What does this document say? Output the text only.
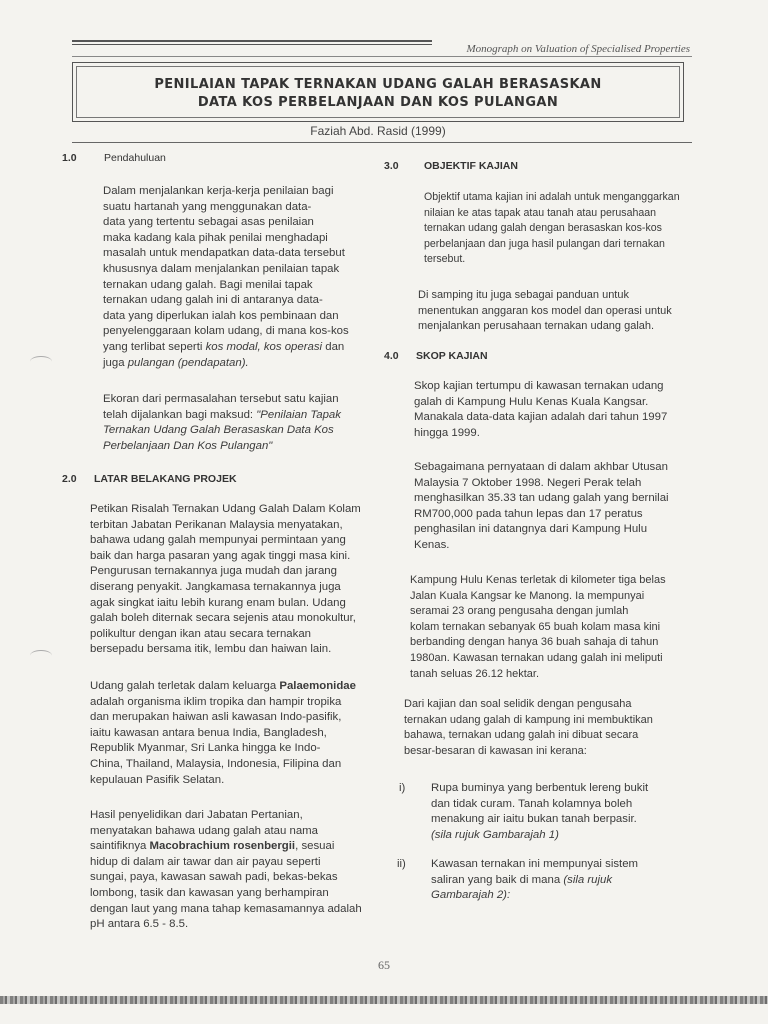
Monograph on Valuation of Specialised Properties
PENILAIAN TAPAK TERNAKAN UDANG GALAH BERASASKAN
DATA KOS PERBELANJAAN DAN KOS PULANGAN
Faziah Abd. Rasid (1999)
1.0	Pendahuluan
Dalam menjalankan kerja-kerja penilaian bagi
suatu hartanah yang menggunakan data-
data yang tertentu sebagai asas penilaian
maka kadang kala pihak penilai menghadapi
masalah untuk mendapatkan data-data tersebut
khususnya dalam menjalankan penilaian tapak
ternakan udang galah. Bagi menilai tapak
ternakan udang galah ini di antaranya data-
data yang diperlukan ialah kos pembinaan dan
penyelenggaraan kolam udang, di mana kos-kos
yang terlibat seperti kos modal, kos operasi dan
juga pulangan (pendapatan).
Ekoran dari permasalahan tersebut satu kajian
telah dijalankan bagi maksud: "Penilaian Tapak
Ternakan Udang Galah Berasaskan Data Kos
Perbelanjaan Dan Kos Pulangan"
2.0 LATAR BELAKANG PROJEK
Petikan Risalah Ternakan Udang Galah Dalam Kolam
terbitan Jabatan Perikanan Malaysia menyatakan,
bahawa udang galah mempunyai permintaan yang
baik dan harga pasaran yang agak tinggi masa kini.
Pengurusan ternakannya juga mudah dan jarang
diserang penyakit. Jangkamasa ternakannya juga
agak singkat iaitu lebih kurang enam bulan. Udang
galah boleh diternak secara sejenis atau monokultur,
polikultur dengan ikan atau secara ternakan
bersepadu bersama itik, lembu dan haiwan lain.
Udang galah terletak dalam keluarga Palaemonidae
adalah organisma iklim tropika dan hampir tropika
dan merupakan haiwan asli kawasan Indo-pasifik,
iaitu kawasan antara benua India, Bangladesh,
Republik Myanmar, Sri Lanka hingga ke Indo-
China, Thailand, Malaysia, Indonesia, Filipina dan
kepulauan Pasifik Selatan.
Hasil penyelidikan dari Jabatan Pertanian,
menyatakan bahawa udang galah atau nama
saintifiknya Macobrachium rosenbergii, sesuai
hidup di dalam air tawar dan air payau seperti
sungai, paya, kawasan sawah padi, bekas-bekas
lombong, tasik dan kawasan yang berhampiran
dengan laut yang mana tahap kemasamannya adalah
pH antara 6.5 - 8.5.
3.0 OBJEKTIF KAJIAN
Objektif utama kajian ini adalah untuk menganggarkan
nilaian ke atas tapak atau tanah atau perusahaan
ternakan udang galah dengan berasaskan kos-kos
perbelanjaan dan juga hasil pulangan dari ternakan
tersebut.
Di samping itu juga sebagai panduan untuk
menentukan anggaran kos model dan operasi untuk
menjalankan perusahaan ternakan udang galah.
4.0 SKOP KAJIAN
Skop kajian tertumpu di kawasan ternakan udang
galah di Kampung Hulu Kenas Kuala Kangsar.
Manakala data-data kajian adalah dari tahun 1997
hingga 1999.
Sebagaimana pernyataan di dalam akhbar Utusan
Malaysia 7 Oktober 1998. Negeri Perak telah
menghasilkan 35.33 tan udang galah yang bernilai
RM700,000 pada tahun lepas dan 17 peratus
penghasilan ini datangnya dari Kampung Hulu
Kenas.
Kampung Hulu Kenas terletak di kilometer tiga belas
Jalan Kuala Kangsar ke Manong. Ia mempunyai
seramai 23 orang pengusaha dengan jumlah
kolam ternakan sebanyak 65 buah kolam masa kini
berbanding dengan hanya 36 buah sahaja di tahun
1980an. Kawasan ternakan udang galah ini meliputi
tanah seluas 26.12 hektar.
Dari kajian dan soal selidik dengan pengusaha
ternakan udang galah di kampung ini membuktikan
bahawa, ternakan udang galah ini dibuat secara
besar-besaran di kawasan ini kerana:
i) Rupa buminya yang berbentuk lereng bukit
dan tidak curam. Tanah kolamnya boleh
menakung air iaitu bukan tanah berpasir.
(sila rujuk Gambarajah 1)
ii) Kawasan ternakan ini mempunyai sistem
saliran yang baik di mana (sila rujuk
Gambarajah 2):
65
